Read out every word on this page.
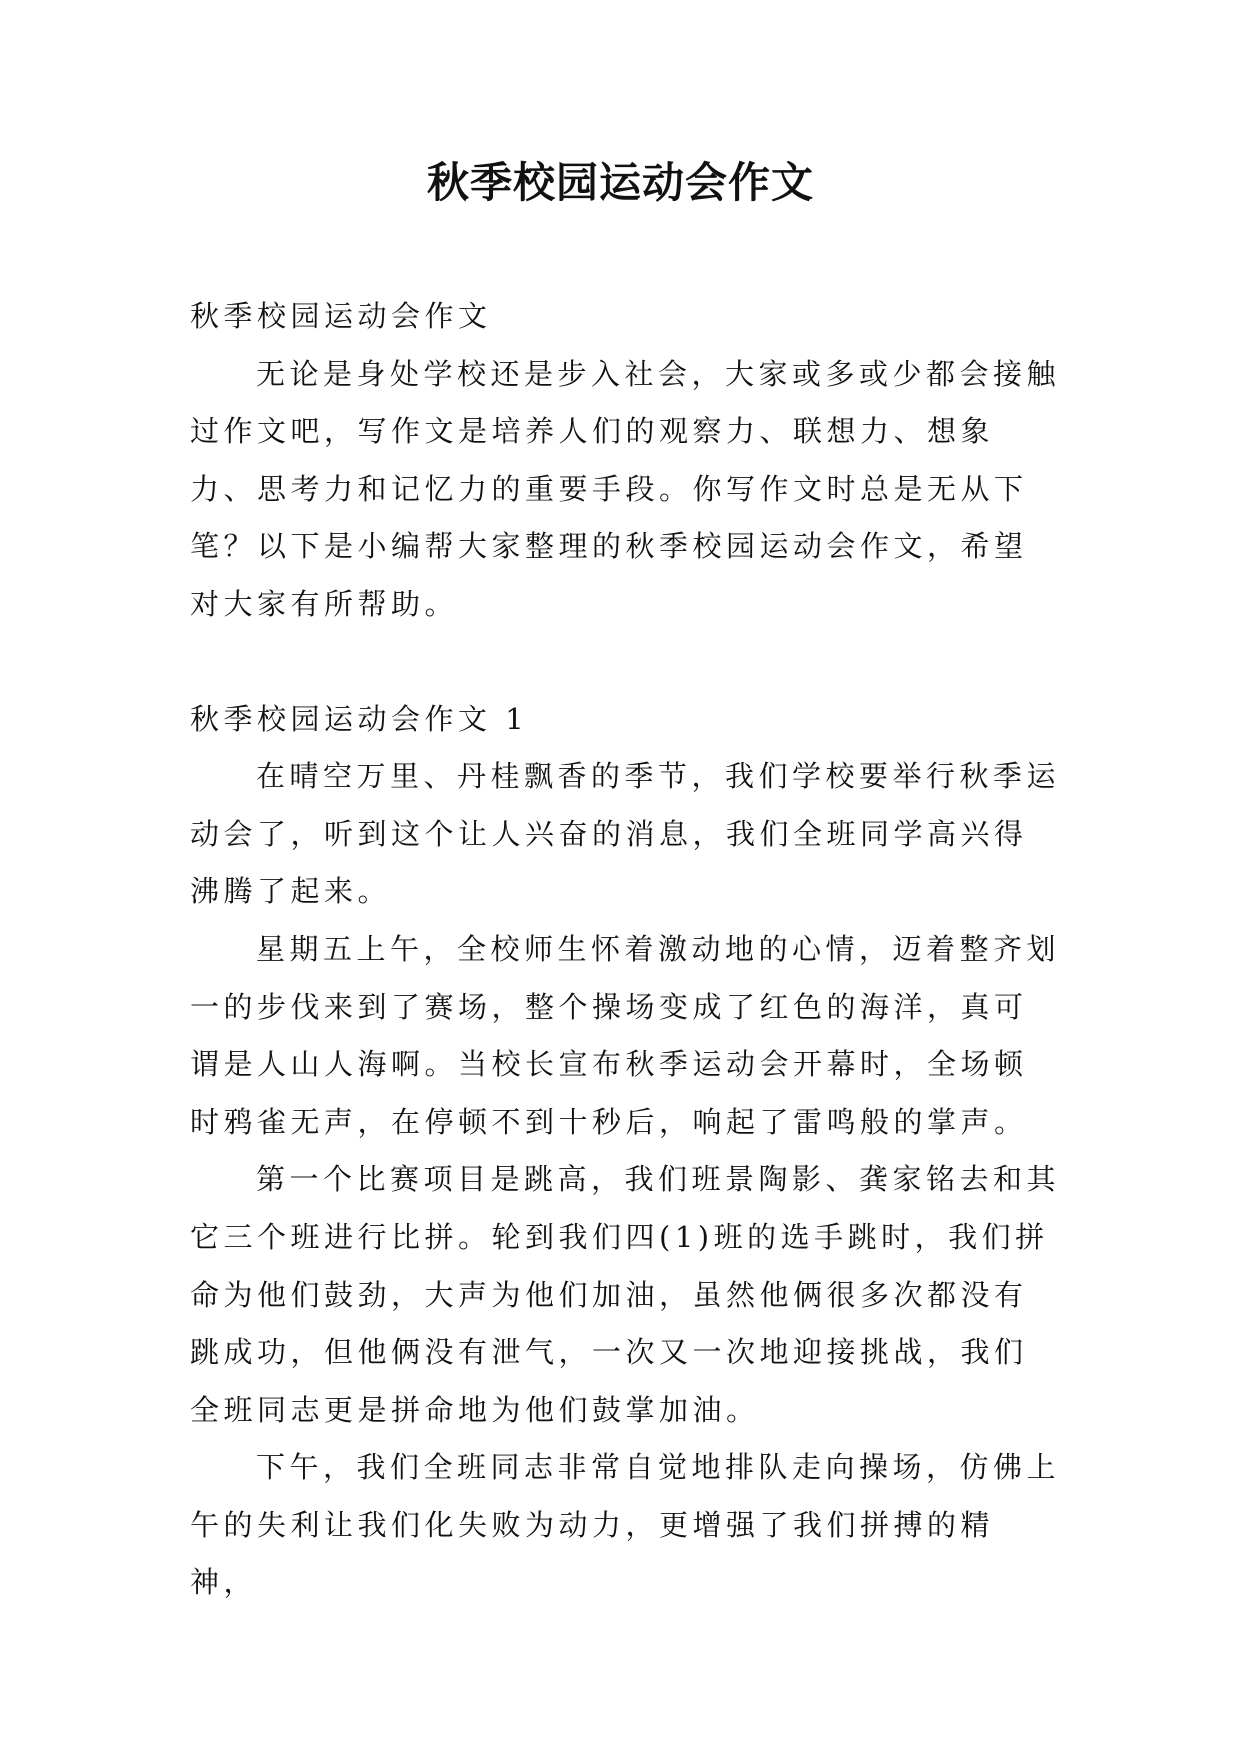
秋季校园运动会作文

秋季校园运动会作文

无论是身处学校还是步入社会，大家或多或少都会接触过作文吧，写作文是培养人们的观察力、联想力、想象力、思考力和记忆力的重要手段。你写作文时总是无从下笔？以下是小编帮大家整理的秋季校园运动会作文，希望对大家有所帮助。

秋季校园运动会作文 1

在晴空万里、丹桂飘香的季节，我们学校要举行秋季运动会了，听到这个让人兴奋的消息，我们全班同学高兴得沸腾了起来。

星期五上午，全校师生怀着激动地的心情，迈着整齐划一的步伐来到了赛场，整个操场变成了红色的海洋，真可谓是人山人海啊。当校长宣布秋季运动会开幕时，全场顿时鸦雀无声，在停顿不到十秒后，响起了雷鸣般的掌声。

第一个比赛项目是跳高，我们班景陶影、龚家铭去和其它三个班进行比拼。轮到我们四(1)班的选手跳时，我们拼命为他们鼓劲，大声为他们加油，虽然他俩很多次都没有跳成功，但他俩没有泄气，一次又一次地迎接挑战，我们全班同志更是拼命地为他们鼓掌加油。

下午，我们全班同志非常自觉地排队走向操场，仿佛上午的失利让我们化失败为动力，更增强了我们拼搏的精神，
